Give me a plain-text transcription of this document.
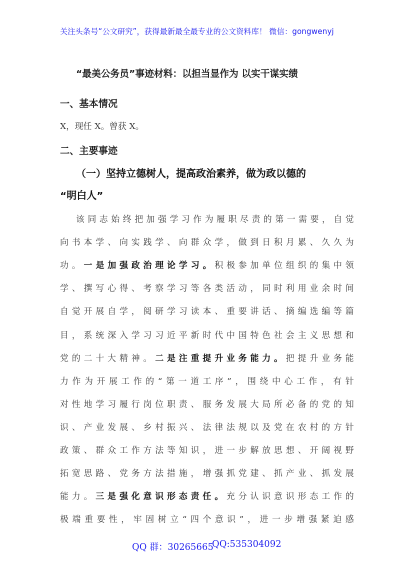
关注头条号“公文研究”，获得最新最全最专业的公文资料库！ 微信：gongwenyj
“最美公务员”事迹材料：以担当显作为 以实干谋实绩
一、基本情况
X，现任 X。曾获 X。
二、主要事迹
（一）坚持立德树人，提高政治素养，做为政以德的
“明白人”
该同志始终把加强学习作为履职尽责的第一需要，自觉
向书本学、向实践学、向群众学，做到日积月累、久久为
功。一是加强政治理论学习。积极参加单位组织的集中领
学、撰写心得、考察学习等各类活动，同时利用业余时间
自觉开展自学，阅研学习读本、重要讲话、摘编选编等篇
目，系统深入学习习近平新时代中国特色社会主义思想和
党的二十大精神。二是注重提升业务能力。把提升业务能
力作为开展工作的“第一道工序”，围绕中心工作，有针
对性地学习履行岗位职责、服务发展大局所必备的党的知
识、产业发展、乡村振兴、法律法规以及党在农村的方针
政策、群众工作方法等知识，进一步解放思想、开阔视野
拓宽思路、党务方法措施，增强抓党建、抓产业、抓发展
能力。三是强化意识形态责任。充分认识意识形态工作的
极端重要性，牢固树立“四个意识”，进一步增强紧迫感
QQ 群：30265665
QQ:535304092
